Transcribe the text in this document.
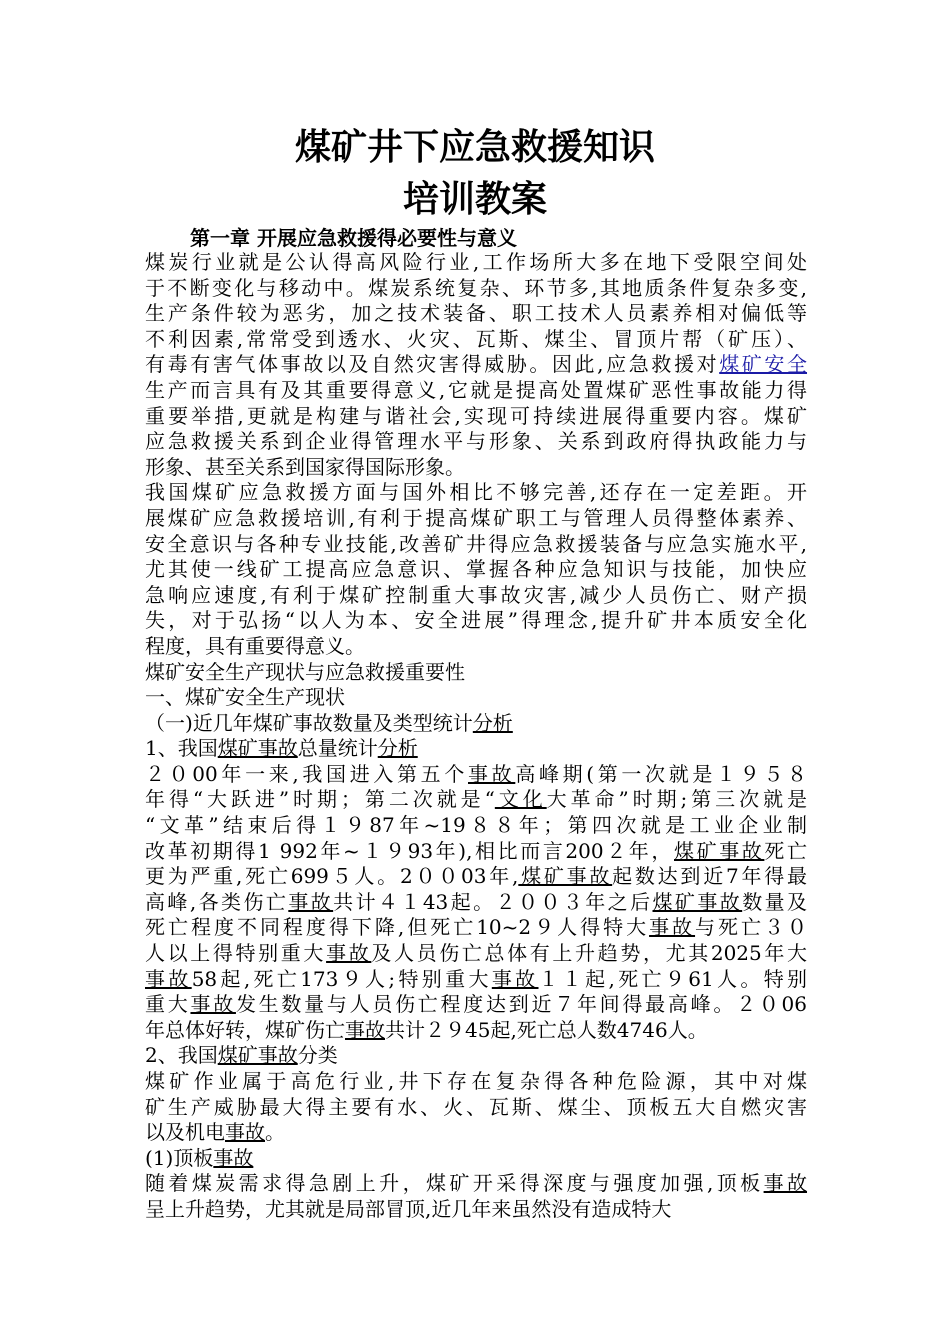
煤矿井下应急救援知识
培训教案
第一章 开展应急救援得必要性与意义
煤炭行业就是公认得高风险行业,工作场所大多在地下受限空间处
于不断变化与移动中。煤炭系统复杂、环节多,其地质条件复杂多变,
生产条件较为恶劣，加之技术装备、职工技术人员素养相对偏低等
不利因素,常常受到透水、火灾、瓦斯、煤尘、冒顶片帮（矿压）、
有毒有害气体事故以及自然灾害得威胁。因此,应急救援对煤矿安全
生产而言具有及其重要得意义,它就是提高处置煤矿恶性事故能力得
重要举措,更就是构建与谐社会,实现可持续进展得重要内容。煤矿
应急救援关系到企业得管理水平与形象、关系到政府得执政能力与
形象、甚至关系到国家得国际形象。
我国煤矿应急救援方面与国外相比不够完善,还存在一定差距。开
展煤矿应急救援培训,有利于提高煤矿职工与管理人员得整体素养、
安全意识与各种专业技能,改善矿井得应急救援装备与应急实施水平,
尤其使一线矿工提高应急意识、掌握各种应急知识与技能，加快应
急响应速度,有利于煤矿控制重大事故灾害,减少人员伤亡、财产损
失，对于弘扬“以人为本、安全进展”得理念,提升矿井本质安全化
程度，具有重要得意义。
煤矿安全生产现状与应急救援重要性
一、煤矿安全生产现状
（一)近几年煤矿事故数量及类型统计分析
1、我国煤矿事故总量统计分析
２０00年一来,我国进入第五个事故高峰期(第一次就是１９５８
年得“大跃进”时期；第二次就是“文化大革命”时期;第三次就是
“文革”结束后得１９87年~19８８年；第四次就是工业企业制
改革初期得1 992年~１９93年),相比而言200２年，煤矿事故死亡
更为严重,死亡699５人。2００03年,煤矿事故起数达到近7年得最
高峰,各类伤亡事故共计４１43起。２００３年之后煤矿事故数量及
死亡程度不同程度得下降,但死亡10~2９人得特大事故与死亡３０
人以上得特别重大事故及人员伤亡总体有上升趋势，尤其2025年大
事故58起,死亡173９人;特别重大事故１１起,死亡９61人。特别
重大事故发生数量与人员伤亡程度达到近７年间得最高峰。２０06
年总体好转，煤矿伤亡事故共计２９45起,死亡总人数4746人。
2、我国煤矿事故分类
煤矿作业属于高危行业,井下存在复杂得各种危险源，其中对煤
矿生产威胁最大得主要有水、火、瓦斯、煤尘、顶板五大自燃灾害
以及机电事故。
(1)顶板事故
随着煤炭需求得急剧上升，煤矿开采得深度与强度加强,顶板事故
呈上升趋势，尤其就是局部冒顶,近几年来虽然没有造成特大
